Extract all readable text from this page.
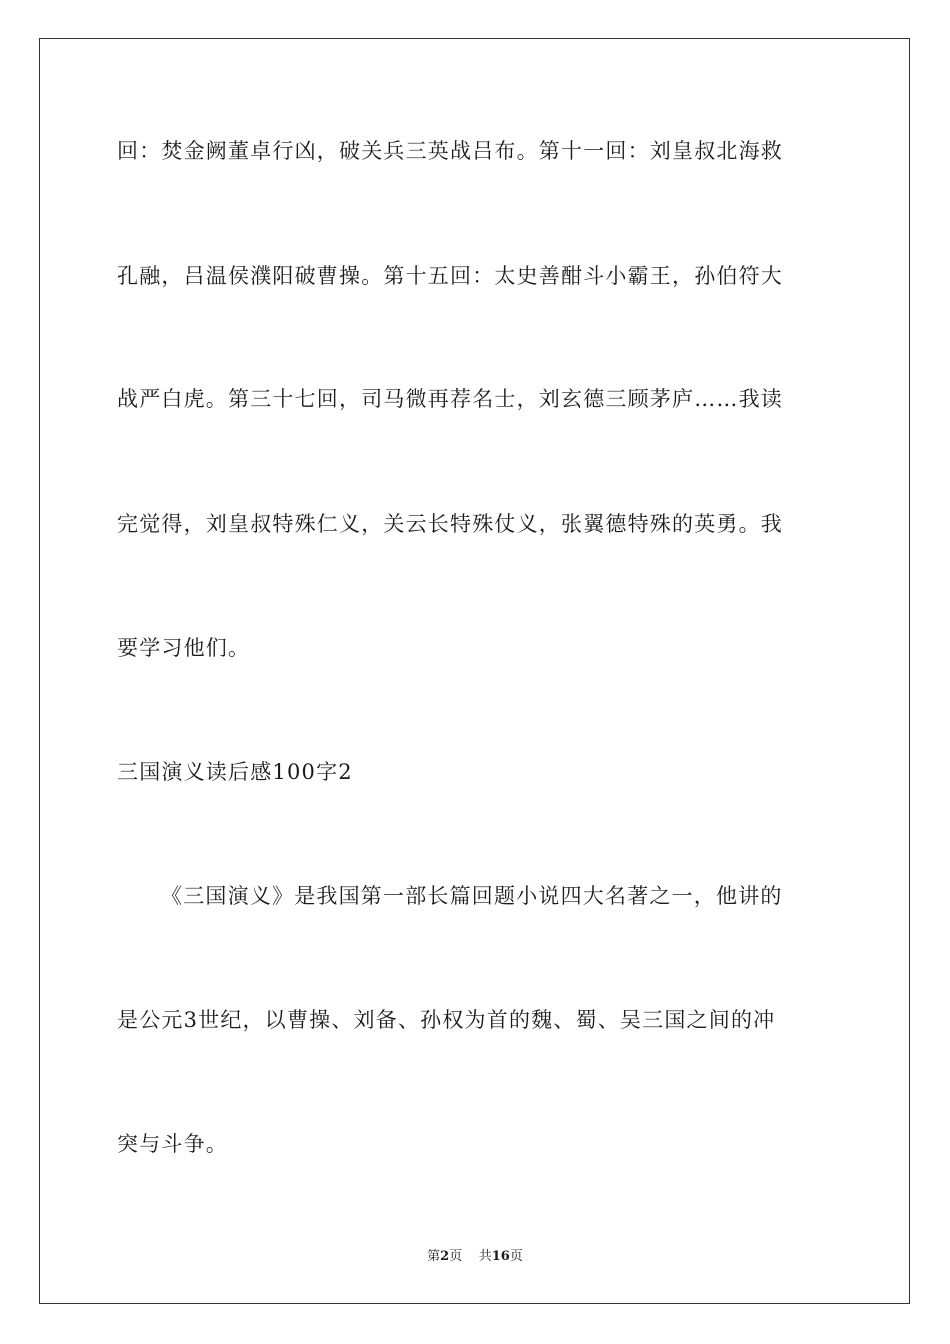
回：焚金阙董卓行凶，破关兵三英战吕布。第十一回：刘皇叔北海救
孔融，吕温侯濮阳破曹操。第十五回：太史善酣斗小霸王，孙伯符大
战严白虎。第三十七回，司马微再荐名士，刘玄德三顾茅庐……我读
完觉得，刘皇叔特殊仁义，关云长特殊仗义，张翼德特殊的英勇。我
要学习他们。
三国演义读后感100字2
《三国演义》是我国第一部长篇回题小说四大名著之一，他讲的
是公元3世纪，以曹操、刘备、孙权为首的魏、蜀、吴三国之间的冲
突与斗争。
第2页 共16页
